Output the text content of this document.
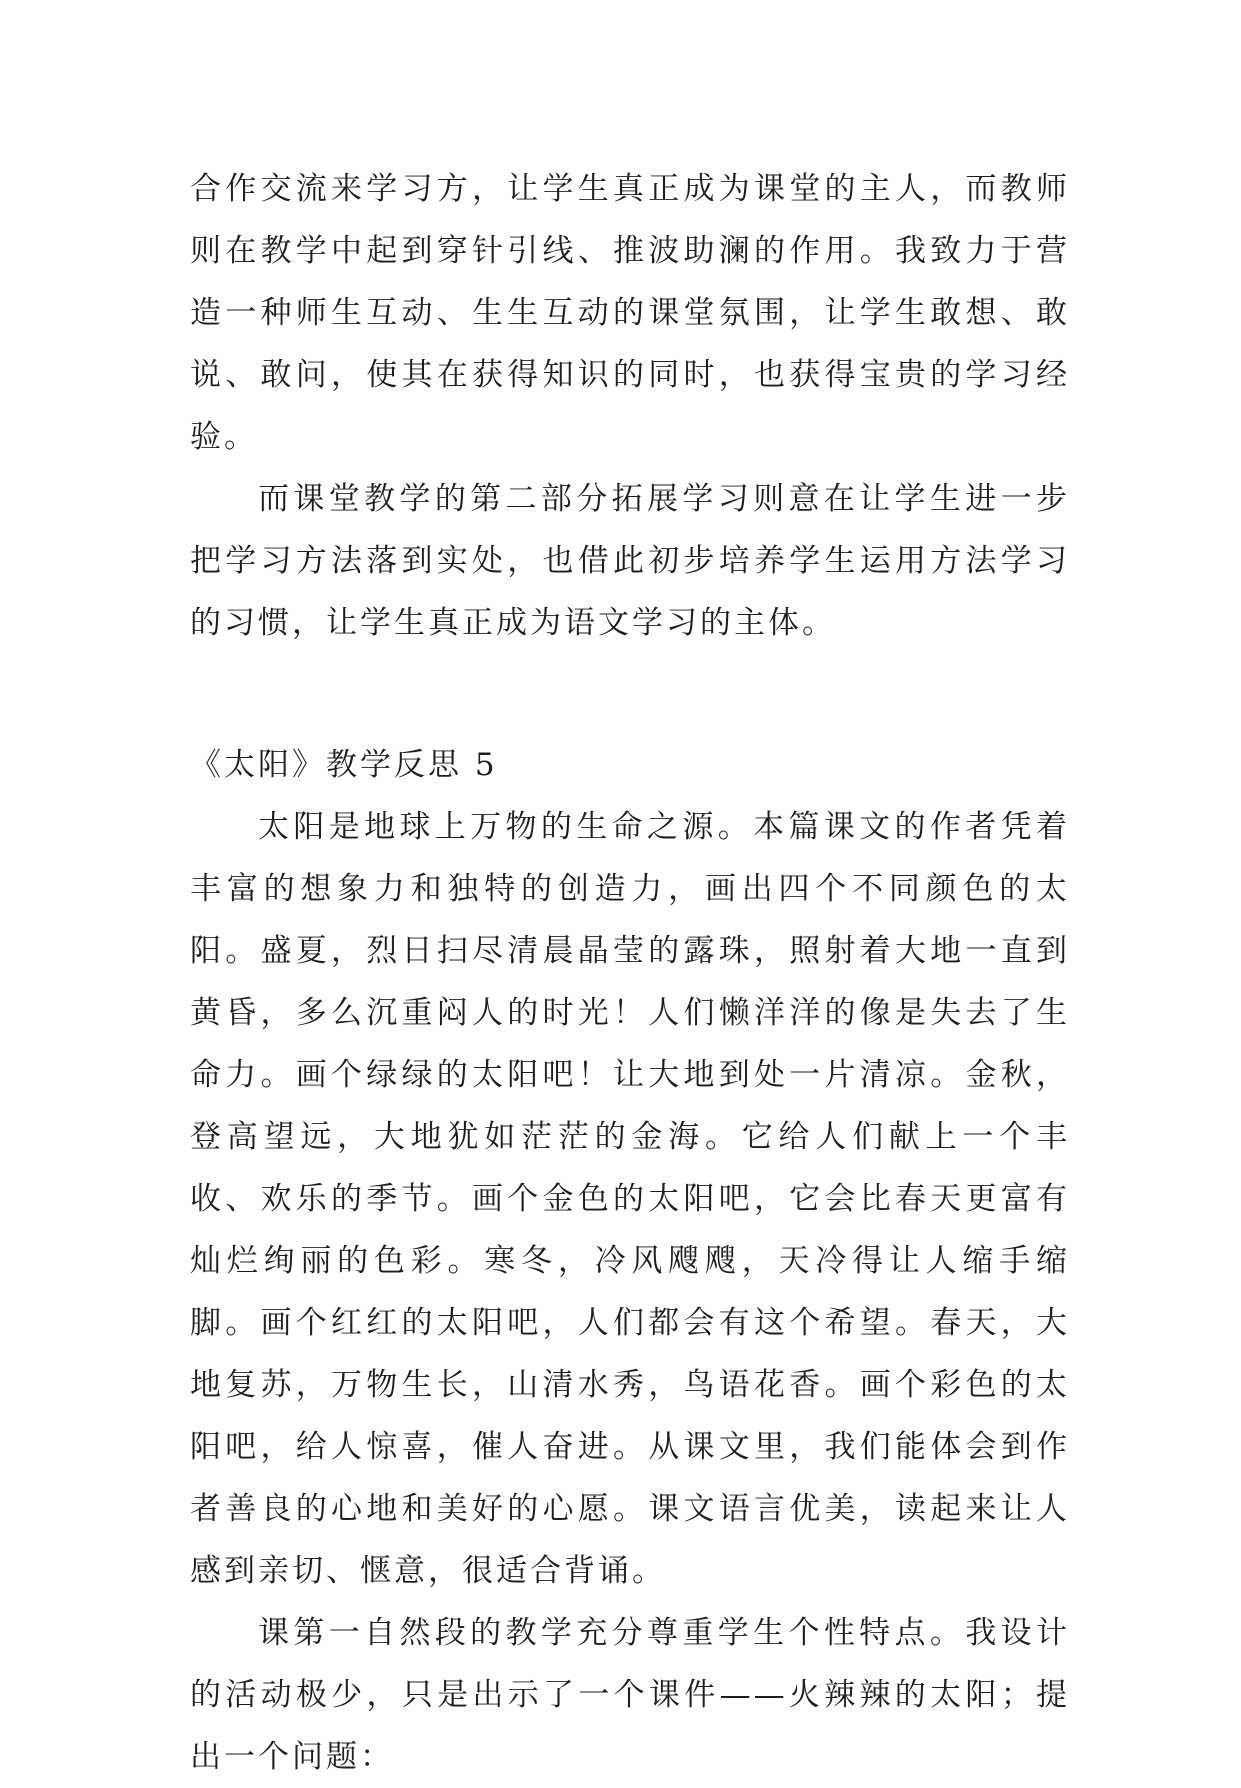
合作交流来学习方，让学生真正成为课堂的主人，而教师则在教学中起到穿针引线、推波助澜的作用。我致力于营造一种师生互动、生生互动的课堂氛围，让学生敢想、敢说、敢问，使其在获得知识的同时，也获得宝贵的学习经验。

而课堂教学的第二部分拓展学习则意在让学生进一步把学习方法落到实处，也借此初步培养学生运用方法学习的习惯，让学生真正成为语文学习的主体。

《太阳》教学反思 5

太阳是地球上万物的生命之源。本篇课文的作者凭着丰富的想象力和独特的创造力，画出四个不同颜色的太阳。盛夏，烈日扫尽清晨晶莹的露珠，照射着大地一直到黄昏，多么沉重闷人的时光！人们懒洋洋的像是失去了生命力。画个绿绿的太阳吧！让大地到处一片清凉。金秋，登高望远，大地犹如茫茫的金海。它给人们献上一个丰收、欢乐的季节。画个金色的太阳吧，它会比春天更富有灿烂绚丽的色彩。寒冬，冷风飕飕，天冷得让人缩手缩脚。画个红红的太阳吧，人们都会有这个希望。春天，大地复苏，万物生长，山清水秀，鸟语花香。画个彩色的太阳吧，给人惊喜，催人奋进。从课文里，我们能体会到作者善良的心地和美好的心愿。课文语言优美，读起来让人感到亲切、惬意，很适合背诵。

课第一自然段的教学充分尊重学生个性特点。我设计的活动极少，只是出示了一个课件——火辣辣的太阳；提出一个问题：
